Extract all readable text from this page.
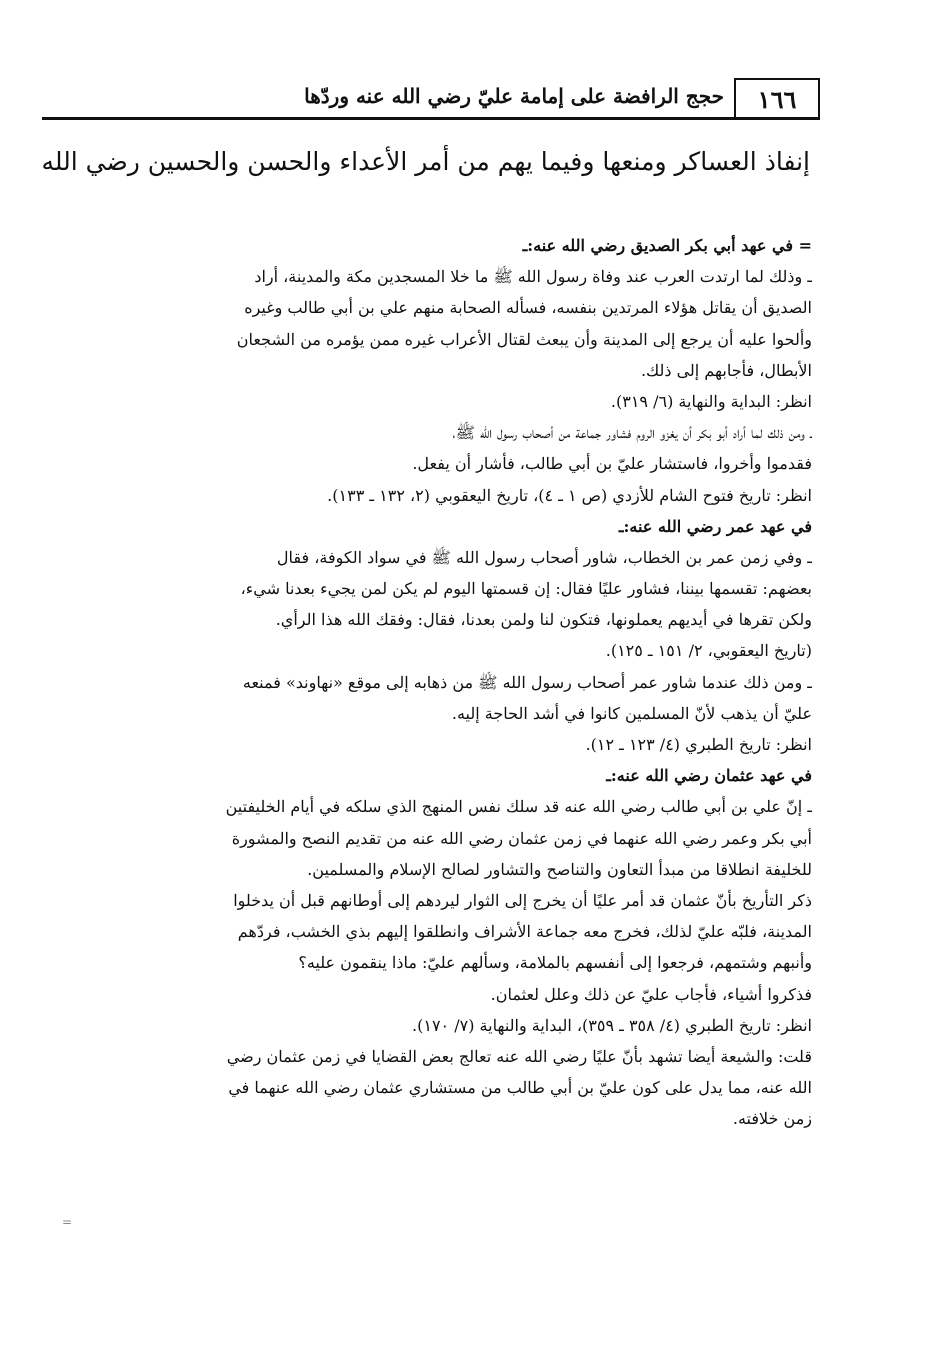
١٦٦
حجج الرافضة على إمامة عليّ رضي الله عنه وردّها
إنفاذ العساكر ومنعها وفيما يهم من أمر الأعداء والحسن والحسين رضي الله
= في عهد أبي بكر الصديق رضي الله عنه:ـ
ـ وذلك لما ارتدت العرب عند وفاة رسول الله ﷺ ما خلا المسجدين مكة والمدينة، أراد
الصديق أن يقاتل هؤلاء المرتدين بنفسه، فسأله الصحابة منهم علي بن أبي طالب وغيره
وألحوا عليه أن يرجع إلى المدينة وأن يبعث لقتال الأعراب غيره ممن يؤمره من الشجعان
الأبطال، فأجابهم إلى ذلك.
انظر: البداية والنهاية (٦/ ٣١٩).
ـ ومن ذلك لما أراد أبو بكر أن يغزو الروم فشاور جماعة من أصحاب رسول الله ﷺ،
فقدموا وأخروا، فاستشار عليّ بن أبي طالب، فأشار أن يفعل.
انظر: تاريخ فتوح الشام للأزدي (ص ١ ـ ٤)، تاريخ اليعقوبي (٢، ١٣٢ ـ ١٣٣).
في عهد عمر رضي الله عنه:ـ
ـ وفي زمن عمر بن الخطاب، شاور أصحاب رسول الله ﷺ في سواد الكوفة، فقال
بعضهم: تقسمها بيننا، فشاور عليًا فقال: إن قسمتها اليوم لم يكن لمن يجيء بعدنا شيء،
ولكن تقرها في أيديهم يعملونها، فتكون لنا ولمن بعدنا، فقال: وفقك الله هذا الرأي.
(تاريخ اليعقوبي، ٢/ ١٥١ ـ ١٢٥).
ـ ومن ذلك عندما شاور عمر أصحاب رسول الله ﷺ من ذهابه إلى موقع «نهاوند» فمنعه
عليّ أن يذهب لأنّ المسلمين كانوا في أشد الحاجة إليه.
انظر: تاريخ الطبري (٤/ ١٢٣ ـ ١٢).
في عهد عثمان رضي الله عنه:ـ
ـ إنّ علي بن أبي طالب رضي الله عنه قد سلك نفس المنهج الذي سلكه في أيام الخليفتين
أبي بكر وعمر رضي الله عنهما في زمن عثمان رضي الله عنه من تقديم النصح والمشورة
للخليفة انطلاقا من مبدأ التعاون والتناصح والتشاور لصالح الإسلام والمسلمين.
ذكر التأريخ بأنّ عثمان قد أمر عليًا أن يخرج إلى الثوار ليردهم إلى أوطانهم قبل أن يدخلوا
المدينة، فلبّه عليّ لذلك، فخرج معه جماعة الأشراف وانطلقوا إليهم بذي الخشب، فردّهم
وأنبهم وشتمهم، فرجعوا إلى أنفسهم بالملامة، وسألهم عليّ: ماذا ينقمون عليه؟
فذكروا أشياء، فأجاب عليّ عن ذلك وعلل لعثمان.
انظر: تاريخ الطبري (٤/ ٣٥٨ ـ ٣٥٩)، البداية والنهاية (٧/ ١٧٠).
قلت: والشيعة أيضا تشهد بأنّ عليًا رضي الله عنه تعالج بعض القضايا في زمن عثمان رضي
الله عنه، مما يدل على كون عليّ بن أبي طالب من مستشاري عثمان رضي الله عنهما في
زمن خلافته.
=
